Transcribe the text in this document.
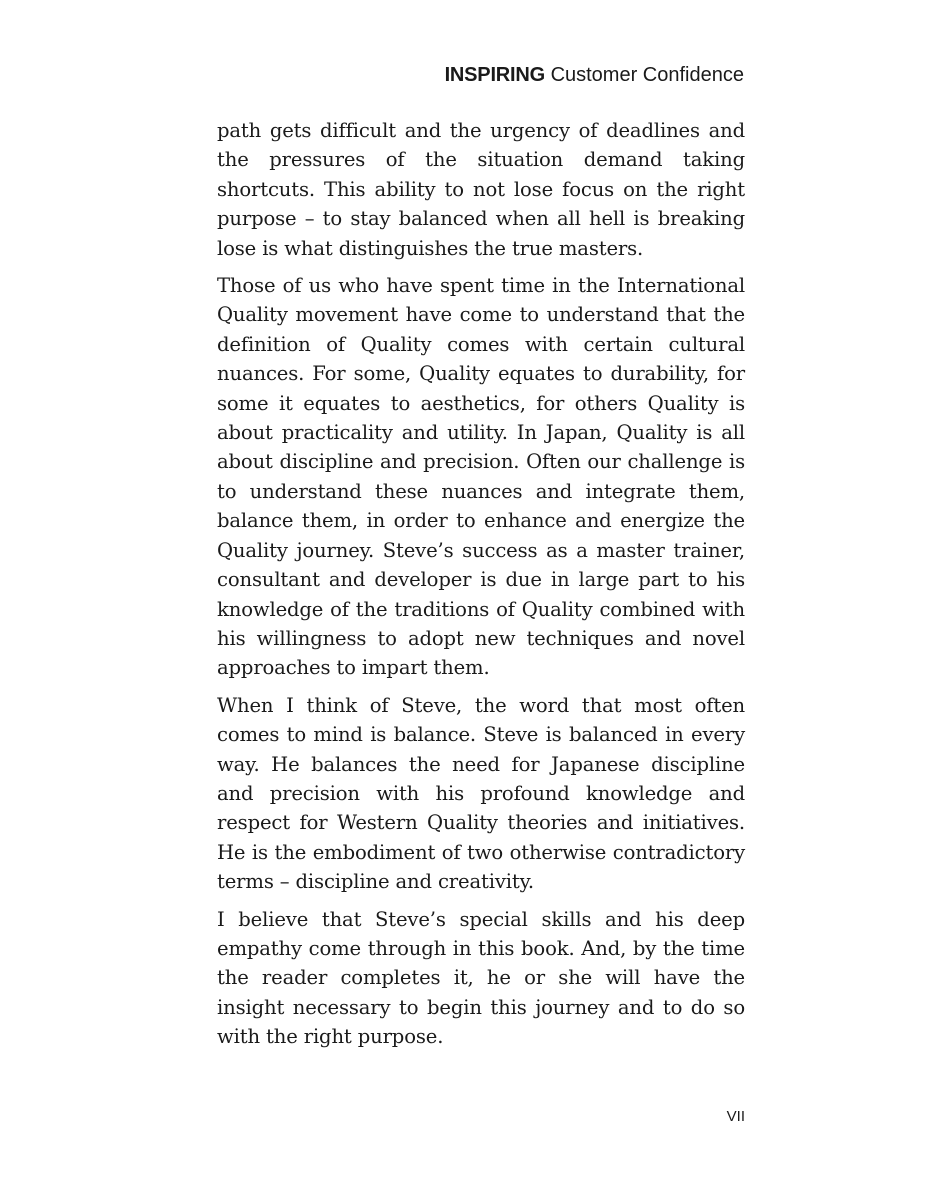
INSPIRING Customer Confidence

path gets difficult and the urgency of deadlines and the pressures of the situation demand taking shortcuts. This ability to not lose focus on the right purpose – to stay balanced when all hell is breaking lose is what distinguishes the true masters.

Those of us who have spent time in the International Quality movement have come to understand that the definition of Quality comes with certain cultural nuances. For some, Quality equates to durability, for some it equates to aesthetics, for others Quality is about practicality and utility. In Japan, Quality is all about discipline and precision. Often our challenge is to understand these nuances and integrate them, balance them, in order to enhance and energize the Quality journey. Steve’s success as a master trainer, consultant and developer is due in large part to his knowledge of the traditions of Quality combined with his willingness to adopt new techniques and novel approaches to impart them.

When I think of Steve, the word that most often comes to mind is balance. Steve is balanced in every way. He balances the need for Japanese discipline and precision with his profound knowledge and respect for Western Quality theories and initiatives. He is the embodiment of two otherwise contradictory terms – discipline and creativity.

I believe that Steve’s special skills and his deep empathy come through in this book. And, by the time the reader completes it, he or she will have the insight necessary to begin this journey and to do so with the right purpose.

VII
